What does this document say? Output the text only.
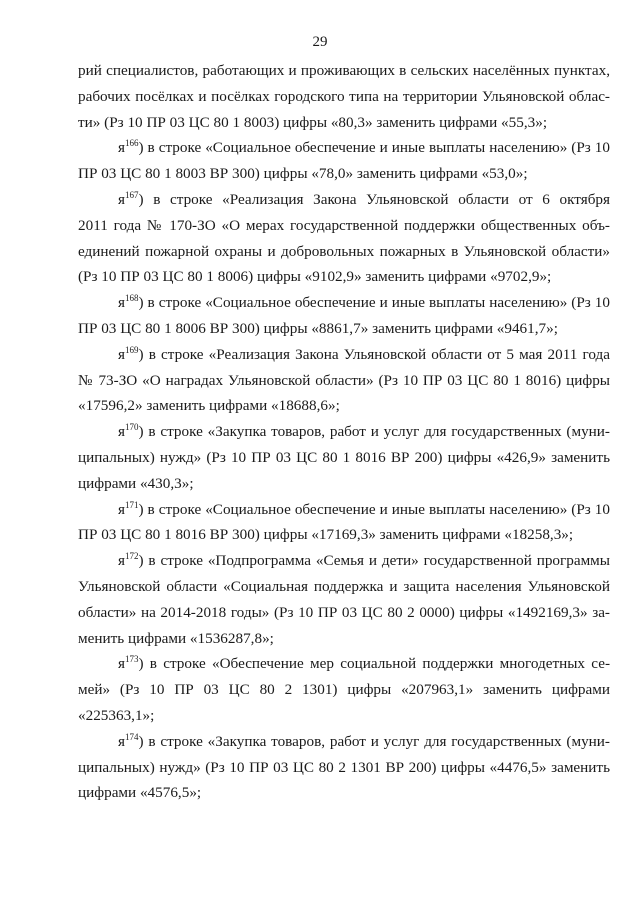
29
рий специалистов, работающих и проживающих в сельских населённых пунктах,
рабочих посёлках и посёлках городского типа на территории Ульяновской облас-
ти» (Рз 10 ПР 03 ЦС 80 1 8003) цифры «80,3» заменить цифрами «55,3»;
$я^{166}$) в строке «Социальное обеспечение и иные выплаты населению» (Рз 10
ПР 03 ЦС 80 1 8003 ВР 300) цифры «78,0» заменить цифрами «53,0»;
$я^{167}$) в строке «Реализация Закона Ульяновской области от 6 октября
2011 года № 170-ЗО «О мерах государственной поддержки общественных объ-
единений пожарной охраны и добровольных пожарных в Ульяновской области»
(Рз 10 ПР 03 ЦС 80 1 8006) цифры «9102,9» заменить цифрами «9702,9»;
$я^{168}$) в строке «Социальное обеспечение и иные выплаты населению» (Рз 10
ПР 03 ЦС 80 1 8006 ВР 300) цифры «8861,7» заменить цифрами «9461,7»;
$я^{169}$) в строке «Реализация Закона Ульяновской области от 5 мая 2011 года
№ 73-ЗО «О наградах Ульяновской области» (Рз 10 ПР 03 ЦС 80 1 8016) цифры
«17596,2» заменить цифрами «18688,6»;
$я^{170}$) в строке «Закупка товаров, работ и услуг для государственных (муни-
ципальных) нужд» (Рз 10 ПР 03 ЦС 80 1 8016 ВР 200) цифры «426,9» заменить
цифрами «430,3»;
$я^{171}$) в строке «Социальное обеспечение и иные выплаты населению» (Рз 10
ПР 03 ЦС 80 1 8016 ВР 300) цифры «17169,3» заменить цифрами «18258,3»;
$я^{172}$) в строке «Подпрограмма «Семья и дети» государственной программы
Ульяновской области «Социальная поддержка и защита населения Ульяновской
области» на 2014-2018 годы» (Рз 10 ПР 03 ЦС 80 2 0000) цифры «1492169,3» за-
менить цифрами «1536287,8»;
$я^{173}$) в строке «Обеспечение мер социальной поддержки многодетных се-
мей» (Рз 10 ПР 03 ЦС 80 2 1301) цифры «207963,1» заменить цифрами
«225363,1»;
$я^{174}$) в строке «Закупка товаров, работ и услуг для государственных (муни-
ципальных) нужд» (Рз 10 ПР 03 ЦС 80 2 1301 ВР 200) цифры «4476,5» заменить
цифрами «4576,5»;
